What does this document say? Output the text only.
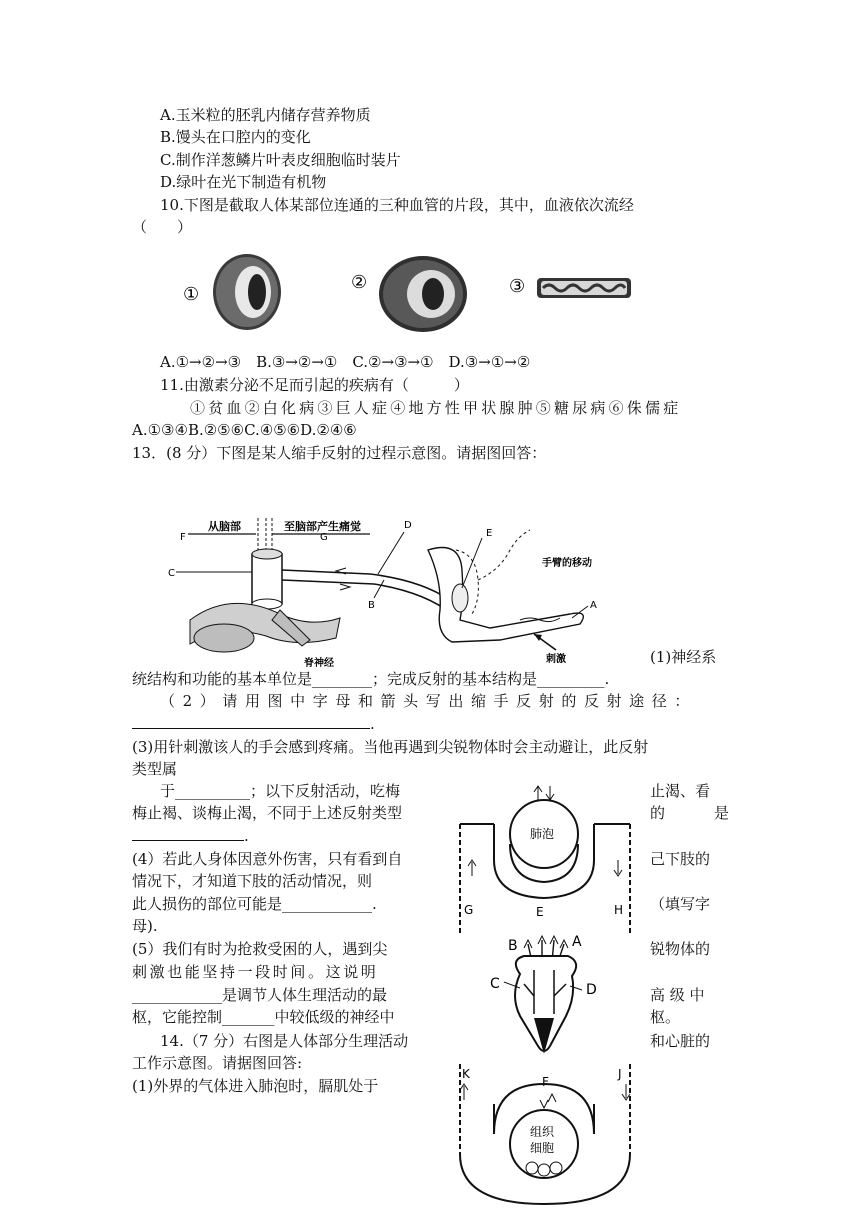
A.玉米粒的胚乳内储存营养物质
B.馒头在口腔内的变化
C.制作洋葱鳞片叶表皮细胞临时装片
D.绿叶在光下制造有机物
10.下图是截取人体某部位连通的三种血管的片段，其中，血液依次流经
（　　）
①
②	③
A.①→②→③　B.③→②→①　C.②→③→①　D.③→①→②
11.由激素分泌不足而引起的疾病有（　　　）
①贫血②白化病③巨人症④地方性甲状腺肿⑤糖尿病⑥侏儒症
A.①③④B.②⑤⑥C.④⑤⑥D.②④⑥
13．(8 分）下图是某人缩手反射的过程示意图。请据图回答：
从脑部	至脑部产生痛觉
F	G
C
D
B
E
手臂的移动
A
脊神经	刺激	(1)神经系
统结构和功能的基本单位是________；完成反射的基本结构是_________.
（2）请用图中字母和箭头写出缩手反射的反射途径：
.
(3)用针刺激该人的手会感到疼痛。当他再遇到尖锐物体时会主动避让，此反射
类型属
于__________；以下反射活动，吃梅	止渴、看
梅止褐、谈梅止渴，不同于上述反射类型	的	是
.
(4）若此人身体因意外伤害，只有看到自	己下肢的
情况下，才知道下肢的活动情况，则
此人损伤的部位可能是____________.	（填写字
母).
(5）我们有时为抢救受困的人，遇到尖	锐物体的
刺激也能坚持一段时间。这说明
____________是调节人体生理活动的最	高 级 中
枢，它能控制_______中较低级的神经中	枢。
14.（7 分）右图是人体部分生理活动	和心脏的
工作示意图。请据图回答:
(1)外界的气体进入肺泡时，膈肌处于
肺泡
G	E	H
B	A
C	D
K	J
F
组织
细胞
